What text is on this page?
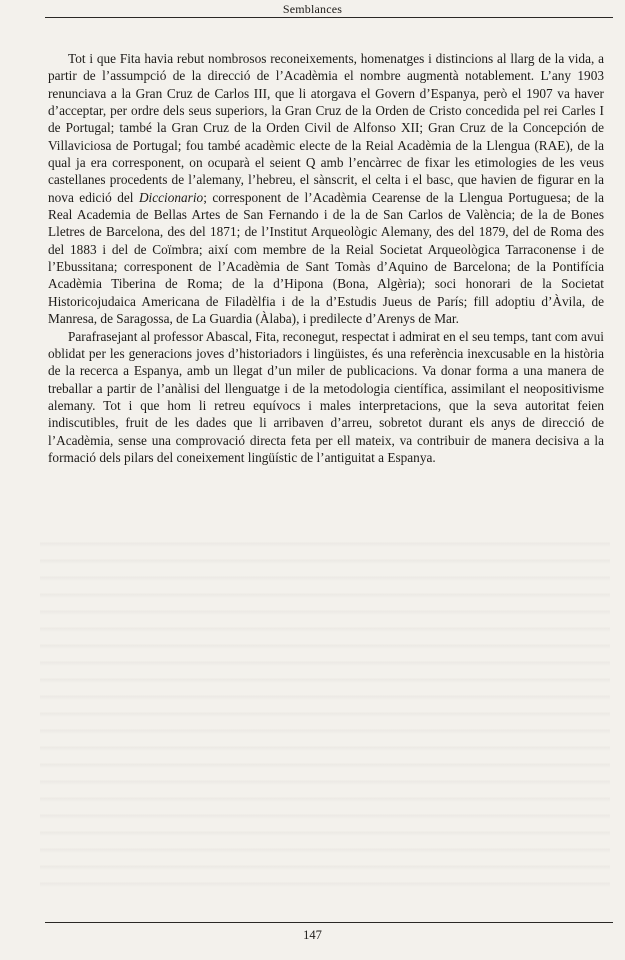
Semblances

Tot i que Fita havia rebut nombrosos reconeixements, homenatges i distincions al llarg de la vida, a partir de l’assumpció de la direcció de l’Acadèmia el nombre augmentà notablement. L’any 1903 renunciava a la Gran Cruz de Carlos III, que li atorgava el Govern d’Espanya, però el 1907 va haver d’acceptar, per ordre dels seus superiors, la Gran Cruz de la Orden de Cristo concedida pel rei Carles I de Portugal; també la Gran Cruz de la Orden Civil de Alfonso XII; Gran Cruz de la Concepción de Villaviciosa de Portugal; fou també acadèmic electe de la Reial Acadèmia de la Llengua (RAE), de la qual ja era corresponent, on ocuparà el seient Q amb l’encàrrec de fixar les etimologies de les veus castellanes procedents de l’alemany, l’hebreu, el sànscrit, el celta i el basc, que havien de figurar en la nova edició del Diccionario; corresponent de l’Acadèmia Cearense de la Llengua Portuguesa; de la Real Academia de Bellas Artes de San Fernando i de la de San Carlos de València; de la de Bones Lletres de Barcelona, des del 1871; de l’Institut Arqueològic Alemany, des del 1879, del de Roma des del 1883 i del de Coïmbra; així com membre de la Reial Societat Arqueològica Tarraconense i de l’Ebussitana; corresponent de l’Acadèmia de Sant Tomàs d’Aquino de Barcelona; de la Pontifícia Acadèmia Tiberina de Roma; de la d’Hipona (Bona, Algèria); soci honorari de la Societat Historicojudaica Americana de Filadèlfia i de la d’Estudis Jueus de París; fill adoptiu d’Àvila, de Manresa, de Saragossa, de La Guardia (Àlaba), i predilecte d’Arenys de Mar.

Parafrasejant al professor Abascal, Fita, reconegut, respectat i admirat en el seu temps, tant com avui oblidat per les generacions joves d’historiadors i lingüistes, és una referència inexcusable en la història de la recerca a Espanya, amb un llegat d’un miler de publicacions. Va donar forma a una manera de treballar a partir de l’anàlisi del llenguatge i de la metodologia científica, assimilant el neopositivisme alemany. Tot i que hom li retreu equívocs i males interpretacions, que la seva autoritat feien indiscutibles, fruit de les dades que li arribaven d’arreu, sobretot durant els anys de direcció de l’Acadèmia, sense una comprovació directa feta per ell mateix, va contribuir de manera decisiva a la formació dels pilars del coneixement lingüístic de l’antiguitat a Espanya.

147
